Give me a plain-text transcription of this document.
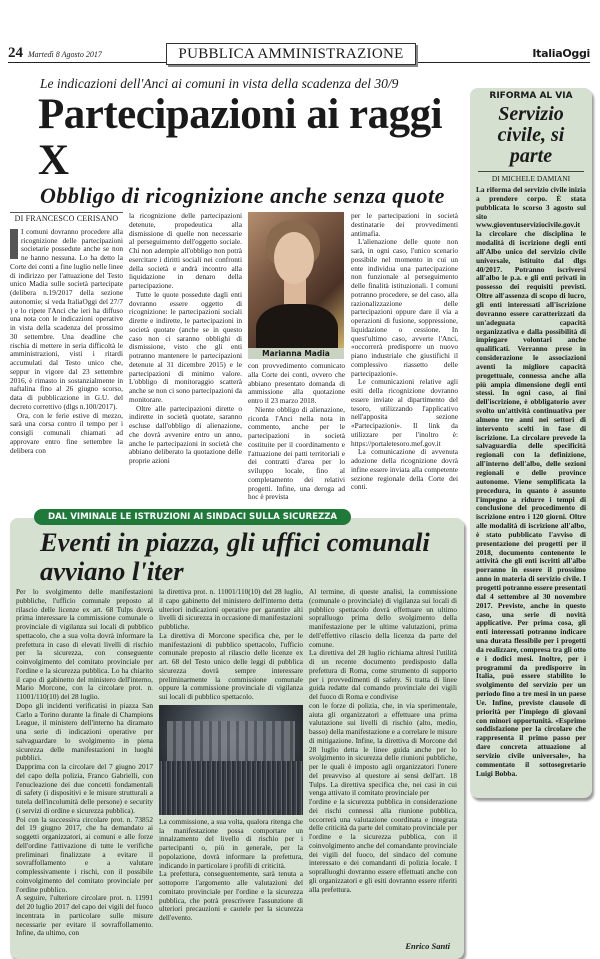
24 Martedì 8 Agosto 2017	PUBBLICA AMMINISTRAZIONE	ItaliaOggi
Le indicazioni dell'Anci ai comuni in vista della scadenza del 30/9
Partecipazioni ai raggi X
Obbligo di ricognizione anche senza quote
DI FRANCESCO CERISANO

I comuni dovranno procedere alla ricognizione delle partecipazioni societarie possedute anche se non ne hanno nessuna. Lo ha detto la Corte dei conti a fine luglio nelle linee di indirizzo per l'attuazione del Testo unico Madia sulle società partecipate (delibera n.19/2017 della sezione autonomie; si veda ItaliaOggi del 27/7 ) e lo ripete l'Anci che ieri ha diffuso una nota con le indicazioni operative in vista della scadenza del prossimo 30 settembre. Una deadline che rischia di mettere in seria difficoltà le amministrazioni, visti i ritardi accumulati dal Testo unico che, seppur in vigore dal 23 settembre 2016, è rimasto in sostanzialmente in naftalina fino al 26 giugno scorso, data di pubblicazione in G.U. del decreto correttivo (dlgs n.100/2017).

Ora, con le ferie estive di mezzo, sarà una corsa contro il tempo per i consigli comunali chiamati ad approvare entro fine settembre la delibera con

la ricognizione delle partecipazioni detenute, propedeutica alla dismissione di quelle non necessarie al perseguimento dell'oggetto sociale. Chi non adempie all'obbligo non potrà esercitare i diritti sociali nei confronti della società e andrà incontro alla liquidazione in denaro della partecipazione.

Tutte le quote possedute dagli enti dovranno essere oggetto di ricognizione: le partecipazioni sociali dirette e indirette, le partecipazioni in società quotate (anche se in questo caso non ci saranno obblighi di dismissione, visto che gli enti potranno mantenere le partecipazioni detenute al 31 dicembre 2015) e le partecipazioni di minimo valore. L'obbligo di monitoraggio scatterà anche se non ci sono partecipazioni da monitorare.

Oltre alle partecipazioni dirette o indirette in società quotate, saranno escluse dall'obbligo di alienazione, che dovrà avvenire entro un anno, anche le partecipazioni in società che abbiano deliberato la quotazione delle proprie azioni

Marianna Madia

con provvedimento comunicato alla Corte dei conti, ovvero che abbiano presentato domanda di ammissione alla quotazione entro il 23 marzo 2018.

Niente obbligo di alienazione, ricorda l'Anci nella nota in commento, anche per le partecipazioni in società costituite per il coordinamento e l'attuazione dei patti territoriali e dei contratti d'area per lo sviluppo locale, fino al completamento dei relativi progetti. Infine, una deroga ad hoc è prevista

per le partecipazioni in società destinatarie dei provvedimenti antimafia.

L'alienazione delle quote non sarà, in ogni caso, l'unico scenario possibile nel momento in cui un ente individua una partecipazione non funzionale al perseguimento delle finalità istituzionali. I comuni potranno procedere, se del caso, alla razionalizzazione delle partecipazioni oppure dare il via a operazioni di fusione, soppressione, liquidazione o cessione. In quest'ultimo caso, avverte l'Anci, «occorrerà predisporre un nuovo piano industriale che giustifichi il complessivo riassetto delle partecipazioni».

Le comunicazioni relative agli esiti della ricognizione dovranno essere inviate al dipartimento del tesoro, utilizzando l'applicativo nell'apposita sezione «Partecipazioni». Il link da utilizzare per l'inoltro è: https://portaletesoro.mef.gov.it

La comunicazione di avvenuta adozione della ricognizione dovrà infine essere inviata alla competente sezione regionale della Corte dei conti.

DAL VIMINALE LE ISTRUZIONI AI SINDACI SULLA SICUREZZA
Eventi in piazza, gli uffici comunali avviano l'iter

Per lo svolgimento delle manifestazioni pubbliche, l'ufficio comunale preposto al rilascio delle licenze ex art. 68 Tulps dovrà prima interessare la commissione comunale o provinciale di vigilanza sui locali di pubblico spettacolo, che a sua volta dovrà informare la prefettura in caso di elevati livelli di rischio per la sicurezza, con conseguente coinvolgimento del comitato provinciale per l'ordine e la sicurezza pubblica. Lo ha chiarito il capo di gabinetto del ministero dell'interno, Mario Morcone, con la circolare prot. n. 11001/110(10) del 28 luglio.

Dopo gli incidenti verificatisi in piazza San Carlo a Torino durante la finale di Champions League, il ministero dell'interno ha diramato una serie di indicazioni operative per salvaguardare lo svolgimento in piena sicurezza delle manifestazioni in luoghi pubblici.

Dapprima con la circolare del 7 giugno 2017 del capo della polizia, Franco Gabrielli, con l'enucleazione dei due concetti fondamentali di safety (i dispositivi e le misure strutturali a tutela dell'incolumità delle persone) e security (i servizi di ordine e sicurezza pubblica).

Poi con la successiva circolare prot. n. 73852 del 19 giugno 2017, che ha demandato ai soggetti organizzatori, ai comuni e alle forze dell'ordine l'attivazione di tutte le verifiche preliminari finalizzate a evitare il sovraffollamento e a valutare complessivamente i rischi, con il possibile coinvolgimento del comitato provinciale per l'ordine pubblico.

A seguire, l'ulteriore circolare prot. n. 11991 del 20 luglio 2017 del capo dei vigili del fuoco incentrata in particolare sulle misure necessarie per evitare il sovraffollamento. Infine, da ultimo, con

la direttiva prot. n. 11001/110(10) del 28 luglio, il capo gabinetto del ministero dell'interno detta ulteriori indicazioni operative per garantire alti livelli di sicurezza in occasione di manifestazioni pubbliche.

La direttiva di Morcone specifica che, per le manifestazioni di pubblico spettacolo, l'ufficio comunale preposto al rilascio delle licenze ex art. 68 del Testo unico delle leggi di pubblica sicurezza dovrà sempre interessare preliminarmente la commissione comunale oppure la commissione provinciale di vigilanza sui locali di pubblico spettacolo.

La commissione, a sua volta, qualora ritenga che la manifestazione possa comportare un innalzamento del livello di rischio per i partecipanti o, più in generale, per la popolazione, dovrà informare la prefettura, indicando in particolare i profili di criticità.

La prefettura, conseguentemente, sarà tenuta a sottoporre l'argomento alle valutazioni del comitato provinciale per l'ordine e la sicurezza pubblica, che potrà prescrivere l'assunzione di ulteriori precauzioni e cautele per la sicurezza dell'evento.

Al termine, di queste analisi, la commissione (comunale o provinciale) di vigilanza sui locali di pubblico spettacolo dovrà effettuare un ultimo sopralluogo prima dello svolgimento della manifestazione per le ultime valutazioni, prima dell'effettivo rilascio della licenza da parte del comune.

La direttiva del 28 luglio richiama altresì l'utilità di un recente documento predisposto dalla prefettura di Roma, come strumento di supporto per i provvedimenti di safety. Si tratta di linee guida redatte dal comando provinciale dei vigili del fuoco di Roma e condivise

con le forze di polizia, che, in via sperimentale, aiuta gli organizzatori a effettuare una prima valutazione sui livelli di rischio (alto, medio, basso) della manifestazione e a correlare le misure di mitigazione. Infine, la direttiva di Morcone del 28 luglio detta le linee guida anche per lo svolgimento in sicurezza delle riunioni pubbliche, per le quali è imposto agli organizzatori l'onere del preavviso al questore ai sensi dell'art. 18 Tulps. La direttiva specifica che, nei casi in cui venga attivato il comitato provinciale per

l'ordine e la sicurezza pubblica in considerazione dei rischi connessi alla riunione pubblica, occorrerà una valutazione coordinata e integrata delle criticità da parte del comitato provinciale per l'ordine e la sicurezza pubblica, con il coinvolgimento anche del comandante provinciale dei vigili del fuoco, del sindaco del comune interessato e dei comandanti di polizia locale. I sopralluoghi dovranno essere effettuati anche con gli organizzatori e gli esiti dovranno essere riferiti alla prefettura.

Enrico Santi
RIFORMA AL VIA
Servizio civile, si parte
DI MICHELE DAMIANI
La riforma del servizio civile inizia a prendere corpo. È stata pubblicata lo scorso 3 agosto sul sito www.gioventuserviziocivile.gov.it la circolare che disciplina le modalità di iscrizione degli enti all'Albo unico del servizio civile universale, istituito dal dlgs 40/2017. Potranno iscriversi all'albo le p.a. e gli enti privati in possesso dei requisiti previsti. Oltre all'assenza di scopo di lucro, gli enti interessati all'iscrizione dovranno essere caratterizzati da un'adeguata capacità organizzativa e dalla possibilità di impiegare volontari anche qualificati. Verranno prese in considerazione le associazioni aventi la migliore capacità progettuale, connessa anche alla più ampia dimensione degli enti stessi. In ogni caso, ai fini dell'iscrizione, è obbligatorio aver svolto un'attività continuativa per almeno tre anni nei settori di intervento scelti in fase di iscrizione. La circolare prevede la salvaguardia delle specificità regionali con la definizione, all'interno dell'albo, delle sezioni regionali e delle province autonome. Viene semplificata la procedura, in quanto è assunto l'impegno a ridurre i tempi di conclusione del procedimento di iscrizione entro i 120 giorni. Oltre alle modalità di iscrizione all'albo, è stato pubblicato l'avviso di presentazione dei progetti per il 2018, documento contenente le attività che gli enti iscritti all'albo porranno in essere il prossimo anno in materia di servizio civile. I progetti potranno essere presentati dal 4 settembre al 30 novembre 2017. Previste, anche in questo caso, una serie di novità applicative. Per prima cosa, gli enti interessati potranno indicare una durata flessibile per i progetti da realizzare, compresa tra gli otto e i dodici mesi. Inoltre, per i programmi da predisporre in Italia, può essere stabilito lo svolgimento del servizio per un periodo fino a tre mesi in un paese Ue. Infine, previste clausole di priorità per l'impiego di giovani con minori opportunità. «Esprimo soddisfazione per la circolare che rappresenta il primo passo per dare concreta attuazione al servizio civile universale», ha commentato il sottosegretario Luigi Bobba.
